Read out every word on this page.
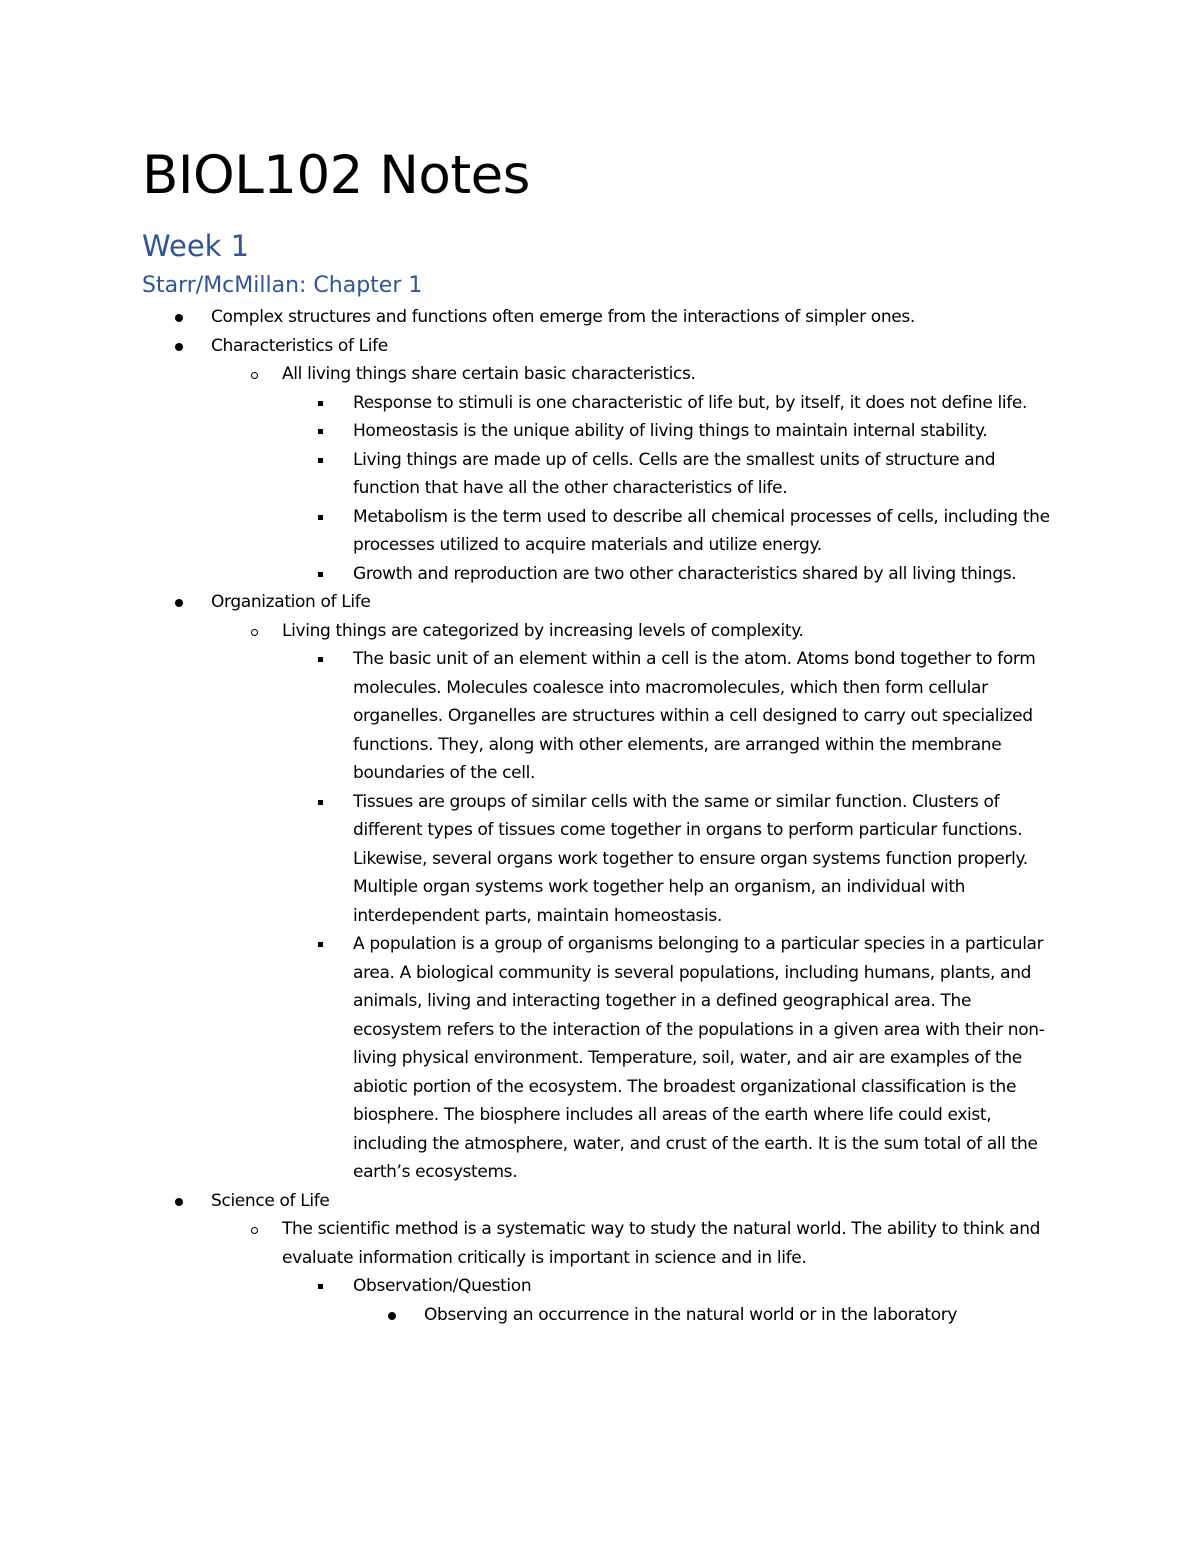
BIOL102 Notes
Week 1
Starr/McMillan: Chapter 1
Complex structures and functions often emerge from the interactions of simpler ones.
Characteristics of Life
All living things share certain basic characteristics.
Response to stimuli is one characteristic of life but, by itself, it does not define life.
Homeostasis is the unique ability of living things to maintain internal stability.
Living things are made up of cells. Cells are the smallest units of structure and function that have all the other characteristics of life.
Metabolism is the term used to describe all chemical processes of cells, including the processes utilized to acquire materials and utilize energy.
Growth and reproduction are two other characteristics shared by all living things.
Organization of Life
Living things are categorized by increasing levels of complexity.
The basic unit of an element within a cell is the atom. Atoms bond together to form molecules. Molecules coalesce into macromolecules, which then form cellular organelles. Organelles are structures within a cell designed to carry out specialized functions. They, along with other elements, are arranged within the membrane boundaries of the cell.
Tissues are groups of similar cells with the same or similar function. Clusters of different types of tissues come together in organs to perform particular functions. Likewise, several organs work together to ensure organ systems function properly. Multiple organ systems work together help an organism, an individual with interdependent parts, maintain homeostasis.
A population is a group of organisms belonging to a particular species in a particular area. A biological community is several populations, including humans, plants, and animals, living and interacting together in a defined geographical area. The ecosystem refers to the interaction of the populations in a given area with their non-living physical environment. Temperature, soil, water, and air are examples of the abiotic portion of the ecosystem. The broadest organizational classification is the biosphere. The biosphere includes all areas of the earth where life could exist, including the atmosphere, water, and crust of the earth. It is the sum total of all the earth’s ecosystems.
Science of Life
The scientific method is a systematic way to study the natural world. The ability to think and evaluate information critically is important in science and in life.
Observation/Question
Observing an occurrence in the natural world or in the laboratory
